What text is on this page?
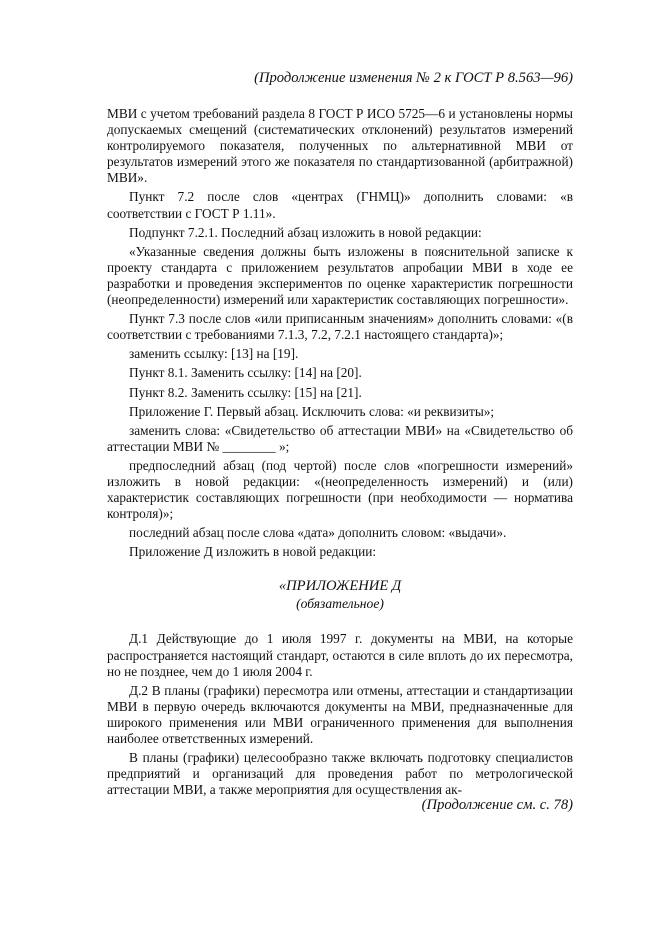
(Продолжение изменения № 2 к ГОСТ Р 8.563—96)

МВИ с учетом требований раздела 8 ГОСТ Р ИСО 5725—6 и установлены нормы допускаемых смещений (систематических отклонений) результатов измерений контролируемого показателя, полученных по альтернативной МВИ от результатов измерений этого же показателя по стандартизованной (арбитражной) МВИ».

Пункт 7.2 после слов «центрах (ГНМЦ)» дополнить словами: «в соответствии с ГОСТ Р 1.11».

Подпункт 7.2.1. Последний абзац изложить в новой редакции:

«Указанные сведения должны быть изложены в пояснительной записке к проекту стандарта с приложением результатов апробации МВИ в ходе ее разработки и проведения экспериментов по оценке характеристик погрешности (неопределенности) измерений или характеристик составляющих погрешности».

Пункт 7.3 после слов «или приписанным значениям» дополнить словами: «(в соответствии с требованиями 7.1.3, 7.2, 7.2.1 настоящего стандарта)»;

заменить ссылку: [13] на [19].

Пункт 8.1. Заменить ссылку: [14] на [20].

Пункт 8.2. Заменить ссылку: [15] на [21].

Приложение Г. Первый абзац. Исключить слова: «и реквизиты»;

заменить слова: «Свидетельство об аттестации МВИ» на «Свидетельство об аттестации МВИ № ________ »;

предпоследний абзац (под чертой) после слов «погрешности измерений» изложить в новой редакции: «(неопределенность измерений) и (или) характеристик составляющих погрешности (при необходимости — норматива контроля)»;

последний абзац после слова «дата» дополнить словом: «выдачи».

Приложение Д изложить в новой редакции:

«ПРИЛОЖЕНИЕ Д
(обязательное)

Д.1 Действующие до 1 июля 1997 г. документы на МВИ, на которые распространяется настоящий стандарт, остаются в силе вплоть до их пересмотра, но не позднее, чем до 1 июля 2004 г.

Д.2 В планы (графики) пересмотра или отмены, аттестации и стандартизации МВИ в первую очередь включаются документы на МВИ, предназначенные для широкого применения или МВИ ограниченного применения для выполнения наиболее ответственных измерений.

В планы (графики) целесообразно также включать подготовку специалистов предприятий и организаций для проведения работ по метрологической аттестации МВИ, а также мероприятия для осуществления ак-

(Продолжение см. с. 78)
